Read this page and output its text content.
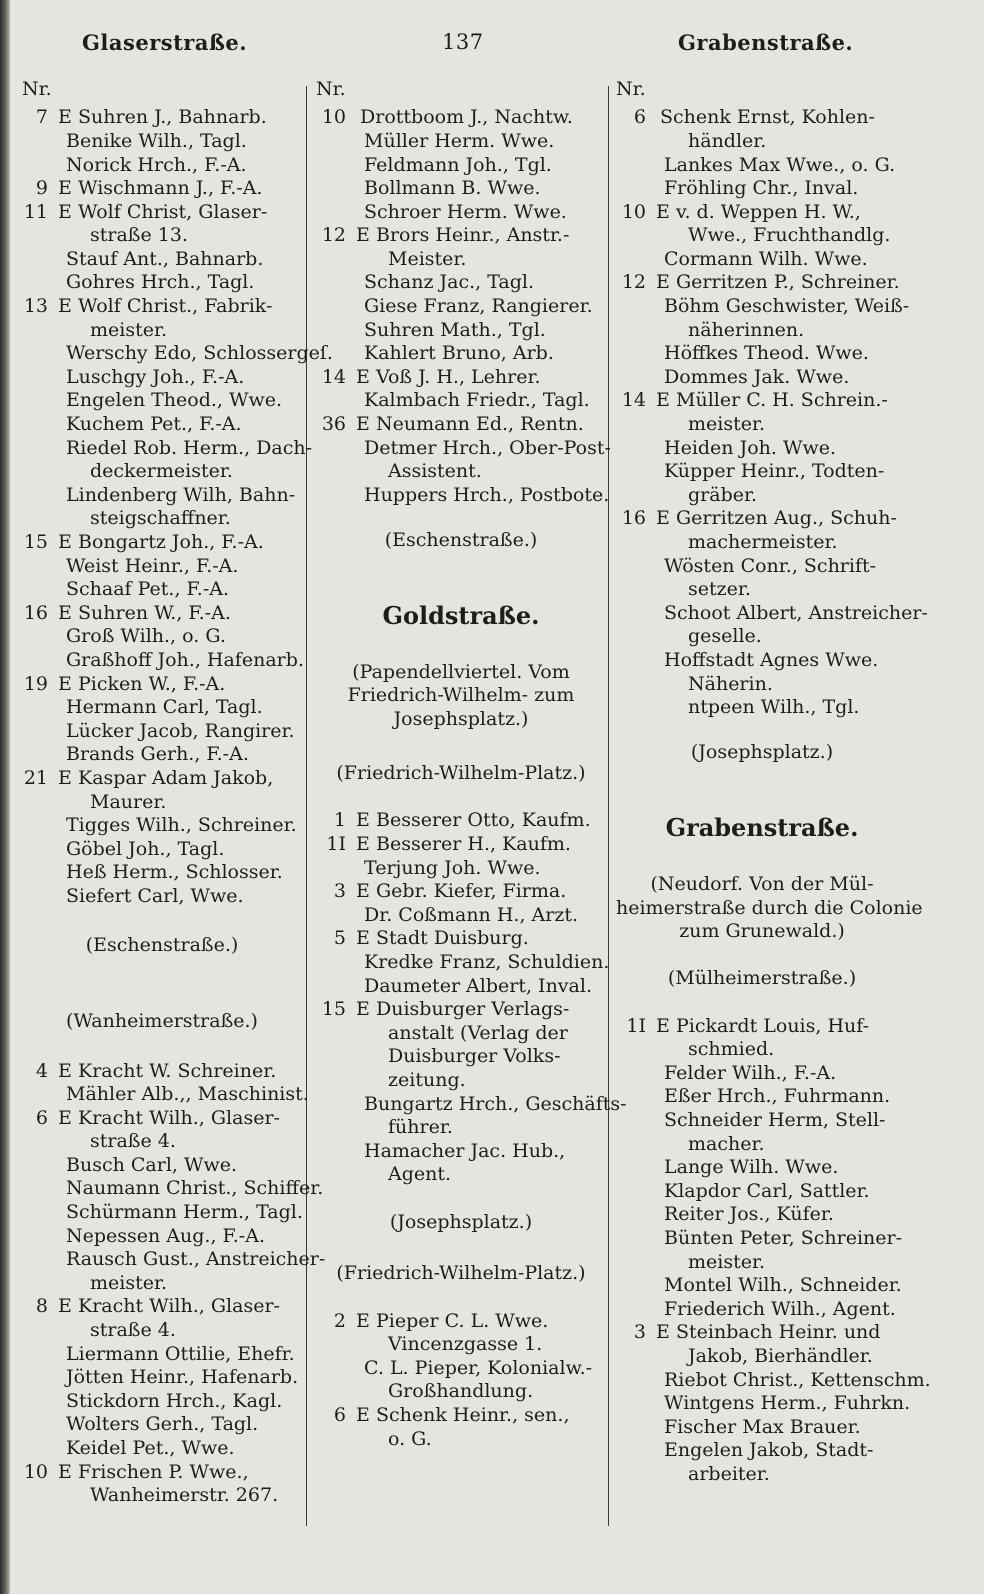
Glaserstraße.	137	Grabenstraße.
Nr.
7 E Suhren J., Bahnarb.
Benike Wilh., Tagl.
Norick Hrch., F.-A.
9 E Wischmann J., F.-A.
11 E Wolf Christ, Glaser-
straße 13.
Stauf Ant., Bahnarb.
Gohres Hrch., Tagl.
13 E Wolf Christ., Fabrik-
meister.
Werschy Edo, Schlossergeſ.
Luschgy Joh., F.-A.
Engelen Theod., Wwe.
Kuchem Pet., F.-A.
Riedel Rob. Herm., Dach-
deckermeister.
Lindenberg Wilh, Bahn-
steigschaffner.
15 E Bongartz Joh., F.-A.
Weist Heinr., F.-A.
Schaaf Pet., F.-A.
16 E Suhren W., F.-A.
Groß Wilh., o. G.
Graßhoff Joh., Hafenarb.
19 E Picken W., F.-A.
Hermann Carl, Tagl.
Lücker Jacob, Rangirer.
Brands Gerh., F.-A.
21 E Kaspar Adam Jakob,
Maurer.
Tigges Wilh., Schreiner.
Göbel Joh., Tagl.
Heß Herm., Schlosser.
Siefert Carl, Wwe.
(Eschenstraße.)
(Wanheimerstraße.)
4 E Kracht W. Schreiner.
Mähler Alb.,, Maschinist.
6 E Kracht Wilh., Glaser-
straße 4.
Busch Carl, Wwe.
Naumann Christ., Schiffer.
Schürmann Herm., Tagl.
Nepessen Aug., F.-A.
Rausch Gust., Anstreicher-
meister.
8 E Kracht Wilh., Glaser-
straße 4.
Liermann Ottilie, Ehefr.
Jötten Heinr., Hafenarb.
Stickdorn Hrch., Kagl.
Wolters Gerh., Tagl.
Keidel Pet., Wwe.
10 E Frischen P. Wwe.,
Wanheimerstr. 267.
Nr.
10 Drottboom J., Nachtw.
Müller Herm. Wwe.
Feldmann Joh., Tgl.
Bollmann B. Wwe.
Schroer Herm. Wwe.
12 E Brors Heinr., Anstr.-
Meister.
Schanz Jac., Tagl.
Giese Franz, Rangierer.
Suhren Math., Tgl.
Kahlert Bruno, Arb.
14 E Voß J. H., Lehrer.
Kalmbach Friedr., Tagl.
36 E Neumann Ed., Rentn.
Detmer Hrch., Ober-Post-
Assistent.
Huppers Hrch., Postbote.
(Eschenstraße.)
Goldstraße.
(Papendellviertel. Vom
Friedrich-Wilhelm- zum
Josephsplatz.)
(Friedrich-Wilhelm-Platz.)
1 E Besserer Otto, Kaufm.
1I E Besserer H., Kaufm.
Terjung Joh. Wwe.
3 E Gebr. Kiefer, Firma.
Dr. Coßmann H., Arzt.
5 E Stadt Duisburg.
Kredke Franz, Schuldien.
Daumeter Albert, Inval.
15 E Duisburger Verlags-
anstalt (Verlag der
Duisburger Volks-
zeitung.
Bungartz Hrch., Geschäfts-
führer.
Hamacher Jac. Hub.,
Agent.
(Josephsplatz.)
(Friedrich-Wilhelm-Platz.)
2 E Pieper C. L. Wwe.
Vincenzgasse 1.
C. L. Pieper, Kolonialw.-
Großhandlung.
6 E Schenk Heinr., sen.,
o. G.
Nr.
6 Schenk Ernst, Kohlen-
händler.
Lankes Max Wwe., o. G.
Fröhling Chr., Inval.
10 E v. d. Weppen H. W.,
Wwe., Fruchthandlg.
Cormann Wilh. Wwe.
12 E Gerritzen P., Schreiner.
Böhm Geschwister, Weiß-
näherinnen.
Höffkes Theod. Wwe.
Dommes Jak. Wwe.
14 E Müller C. H. Schrein.-
meister.
Heiden Joh. Wwe.
Küpper Heinr., Todten-
gräber.
16 E Gerritzen Aug., Schuh-
machermeister.
Wösten Conr., Schrift-
setzer.
Schoot Albert, Anstreicher-
geselle.
Hoffstadt Agnes Wwe.
Näherin.
ntpeen Wilh., Tgl.
(Josephsplatz.)
Grabenstraße.
(Neudorf. Von der Mül-
heimerstraße durch die Colonie
zum Grunewald.)
(Mülheimerstraße.)
1I E Pickardt Louis, Huf-
schmied.
Felder Wilh., F.-A.
Eßer Hrch., Fuhrmann.
Schneider Herm, Stell-
macher.
Lange Wilh. Wwe.
Klapdor Carl, Sattler.
Reiter Jos., Küfer.
Bünten Peter, Schreiner-
meister.
Montel Wilh., Schneider.
Friederich Wilh., Agent.
3 E Steinbach Heinr. und
Jakob, Bierhändler.
Riebot Christ., Kettenschm.
Wintgens Herm., Fuhrkn.
Fischer Max Brauer.
Engelen Jakob, Stadt-
arbeiter.
